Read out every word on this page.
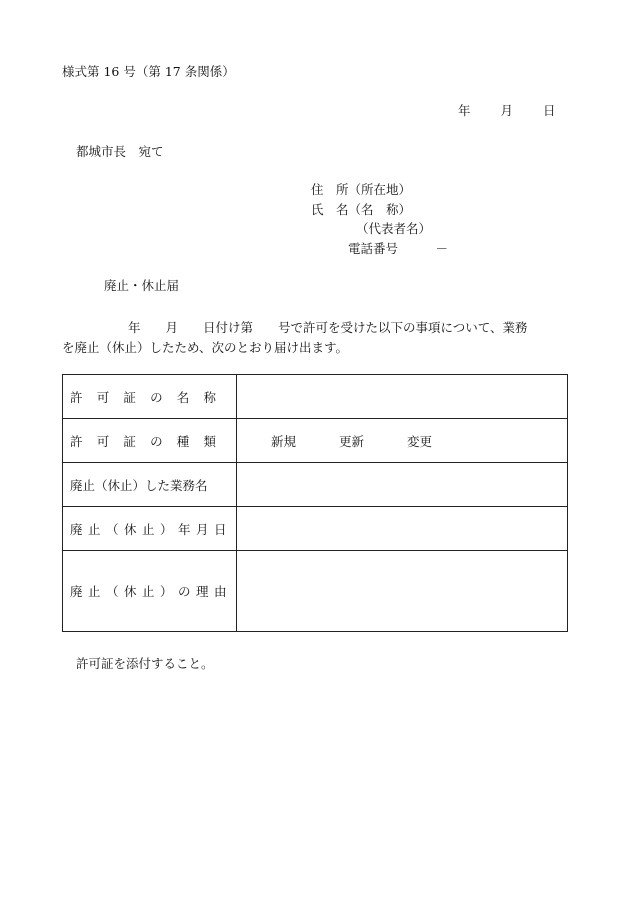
様式第 16 号（第 17 条関係）
年 月 日
都城市長　宛て
住　所（所在地）
氏　名（名　称）
（代表者名）
電話番号　　　－
廃止・休止届
年　　月　　日付け第　　号で許可を受けた以下の事項について、業務
を廃止（休止）したため、次のとおり届け出ます。
許可証の名称	
許可証の種類	新規 更新 変更
廃止（休止）した業務名	
廃止（休止）年月日	
廃止（休止）の理由	
許可証を添付すること。
